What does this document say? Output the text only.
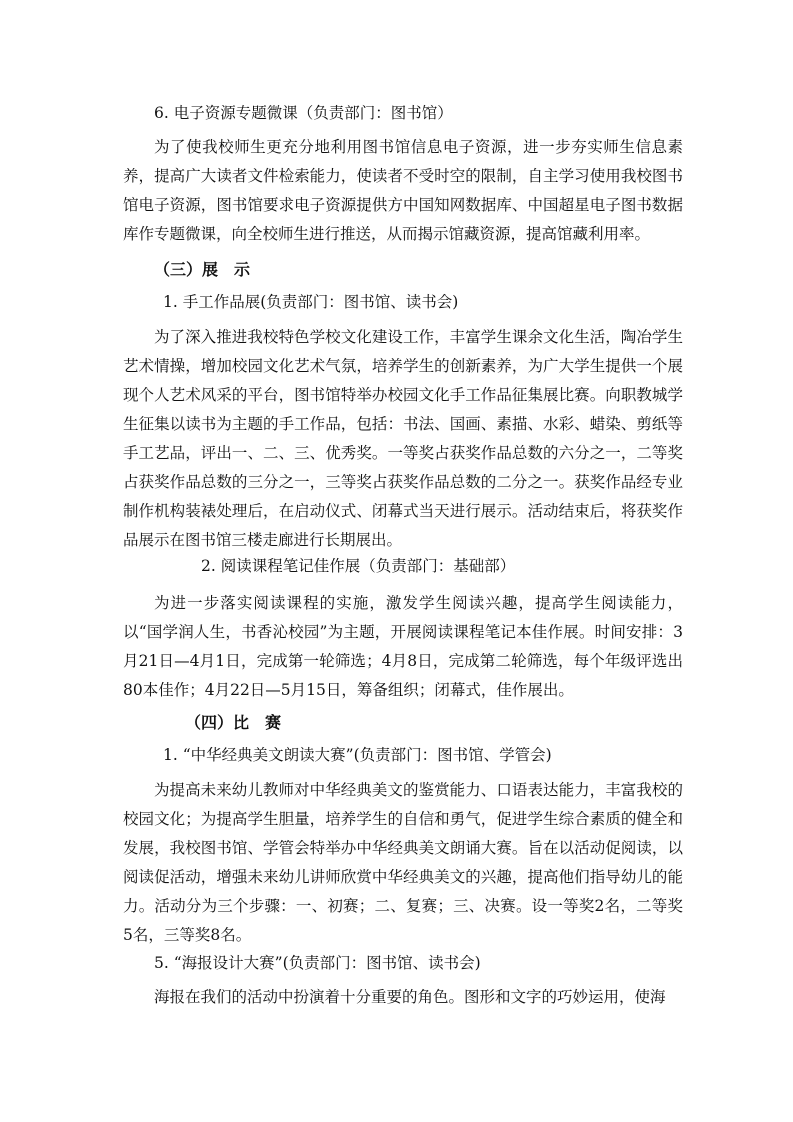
6. 电子资源专题微课（负责部门：图书馆）
为了使我校师生更充分地利用图书馆信息电子资源，进一步夯实师生信息素养，提高广大读者文件检索能力，使读者不受时空的限制，自主学习使用我校图书馆电子资源，图书馆要求电子资源提供方中国知网数据库、中国超星电子图书数据库作专题微课，向全校师生进行推送，从而揭示馆藏资源，提高馆藏利用率。
（三）展　示
1. 手工作品展(负责部门：图书馆、读书会)
为了深入推进我校特色学校文化建设工作，丰富学生课余文化生活，陶冶学生艺术情操，增加校园文化艺术气氛，培养学生的创新素养，为广大学生提供一个展现个人艺术风采的平台，图书馆特举办校园文化手工作品征集展比赛。向职教城学生征集以读书为主题的手工作品，包括：书法、国画、素描、水彩、蜡染、剪纸等手工艺品，评出一、二、三、优秀奖。一等奖占获奖作品总数的六分之一，二等奖占获奖作品总数的三分之一，三等奖占获奖作品总数的二分之一。获奖作品经专业制作机构装裱处理后，在启动仪式、闭幕式当天进行展示。活动结束后，将获奖作品展示在图书馆三楼走廊进行长期展出。
2. 阅读课程笔记佳作展（负责部门：基础部）
为进一步落实阅读课程的实施，激发学生阅读兴趣，提高学生阅读能力，以“国学润人生，书香沁校园”为主题，开展阅读课程笔记本佳作展。时间安排：3月21日—4月1日，完成第一轮筛选；4月8日，完成第二轮筛选，每个年级评选出80本佳作；4月22日—5月15日，筹备组织；闭幕式，佳作展出。
（四）比　赛
1. “中华经典美文朗读大赛”(负责部门：图书馆、学管会)
为提高未来幼儿教师对中华经典美文的鉴赏能力、口语表达能力，丰富我校的校园文化；为提高学生胆量，培养学生的自信和勇气，促进学生综合素质的健全和发展，我校图书馆、学管会特举办中华经典美文朗诵大赛。旨在以活动促阅读，以阅读促活动，增强未来幼儿讲师欣赏中华经典美文的兴趣，提高他们指导幼儿的能力。活动分为三个步骤：一、初赛；二、复赛；三、决赛。设一等奖2名，二等奖5名，三等奖8名。
5. “海报设计大赛”(负责部门：图书馆、读书会)
海报在我们的活动中扮演着十分重要的角色。图形和文字的巧妙运用，使海
